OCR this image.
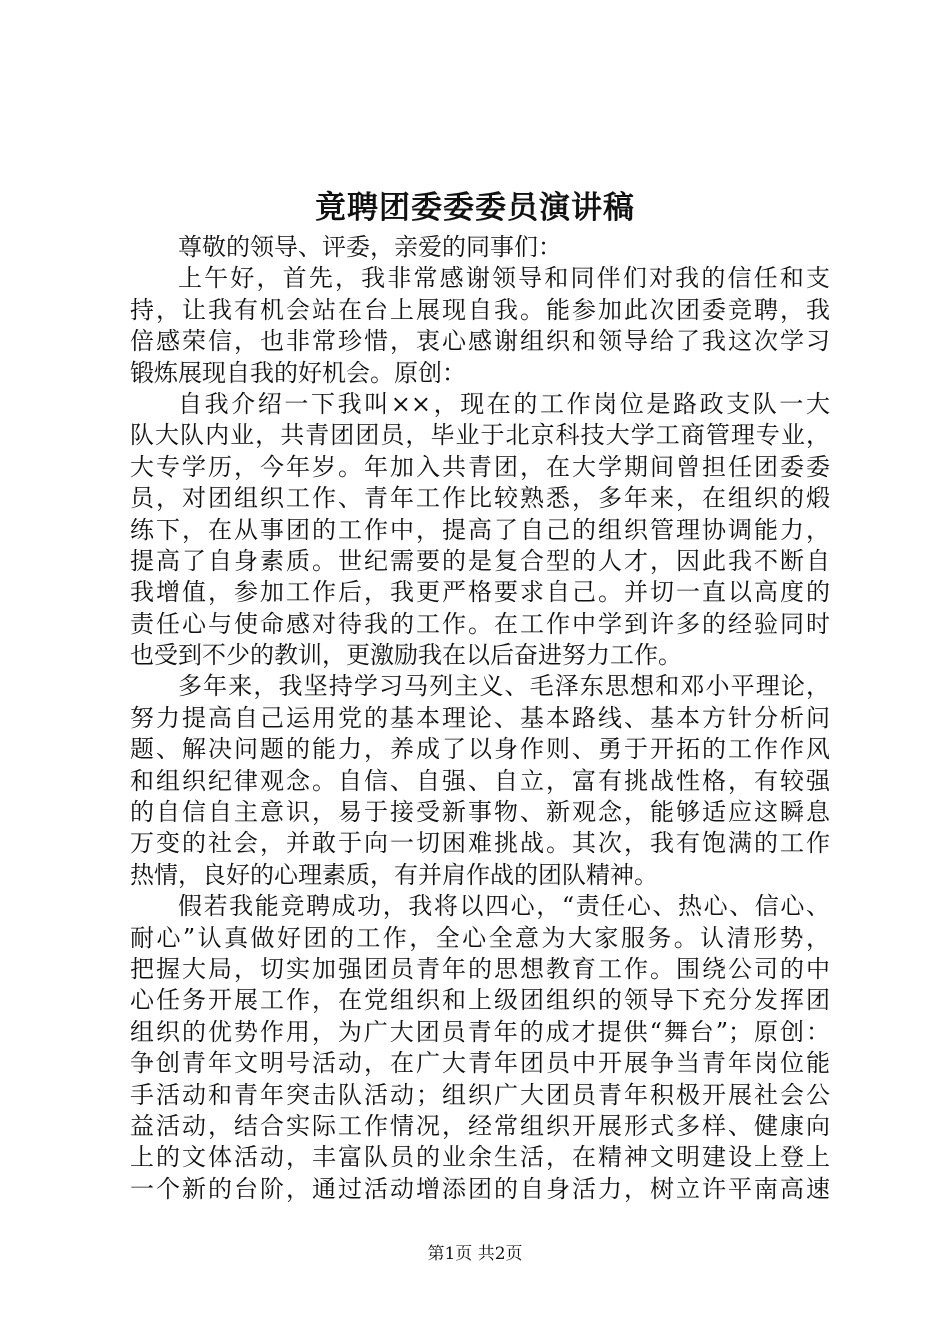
竟聘团委委委员演讲稿
尊敬的领导、评委，亲爱的同事们：
上午好，首先，我非常感谢领导和同伴们对我的信任和支
持，让我有机会站在台上展现自我。能参加此次团委竞聘，我
倍感荣信，也非常珍惜，衷心感谢组织和领导给了我这次学习
锻炼展现自我的好机会。原创：
自我介绍一下我叫××，现在的工作岗位是路政支队一大
队大队内业，共青团团员，毕业于北京科技大学工商管理专业，
大专学历，今年岁。年加入共青团，在大学期间曾担任团委委
员，对团组织工作、青年工作比较熟悉，多年来，在组织的煅
练下，在从事团的工作中，提高了自己的组织管理协调能力，
提高了自身素质。世纪需要的是复合型的人才，因此我不断自
我增值，参加工作后，我更严格要求自己。并切一直以高度的
责任心与使命感对待我的工作。在工作中学到许多的经验同时
也受到不少的教训，更激励我在以后奋进努力工作。
多年来，我坚持学习马列主义、毛泽东思想和邓小平理论，
努力提高自己运用党的基本理论、基本路线、基本方针分析问
题、解决问题的能力，养成了以身作则、勇于开拓的工作作风
和组织纪律观念。自信、自强、自立，富有挑战性格，有较强
的自信自主意识，易于接受新事物、新观念，能够适应这瞬息
万变的社会，并敢于向一切困难挑战。其次，我有饱满的工作
热情，良好的心理素质，有并肩作战的团队精神。
假若我能竞聘成功，我将以四心，“责任心、热心、信心、
耐心”认真做好团的工作，全心全意为大家服务。认清形势，
把握大局，切实加强团员青年的思想教育工作。围绕公司的中
心任务开展工作，在党组织和上级团组织的领导下充分发挥团
组织的优势作用，为广大团员青年的成才提供“舞台”；原创：
争创青年文明号活动，在广大青年团员中开展争当青年岗位能
手活动和青年突击队活动；组织广大团员青年积极开展社会公
益活动，结合实际工作情况，经常组织开展形式多样、健康向
上的文体活动，丰富队员的业余生活，在精神文明建设上登上
一个新的台阶，通过活动增添团的自身活力，树立许平南高速
第1页 共2页
